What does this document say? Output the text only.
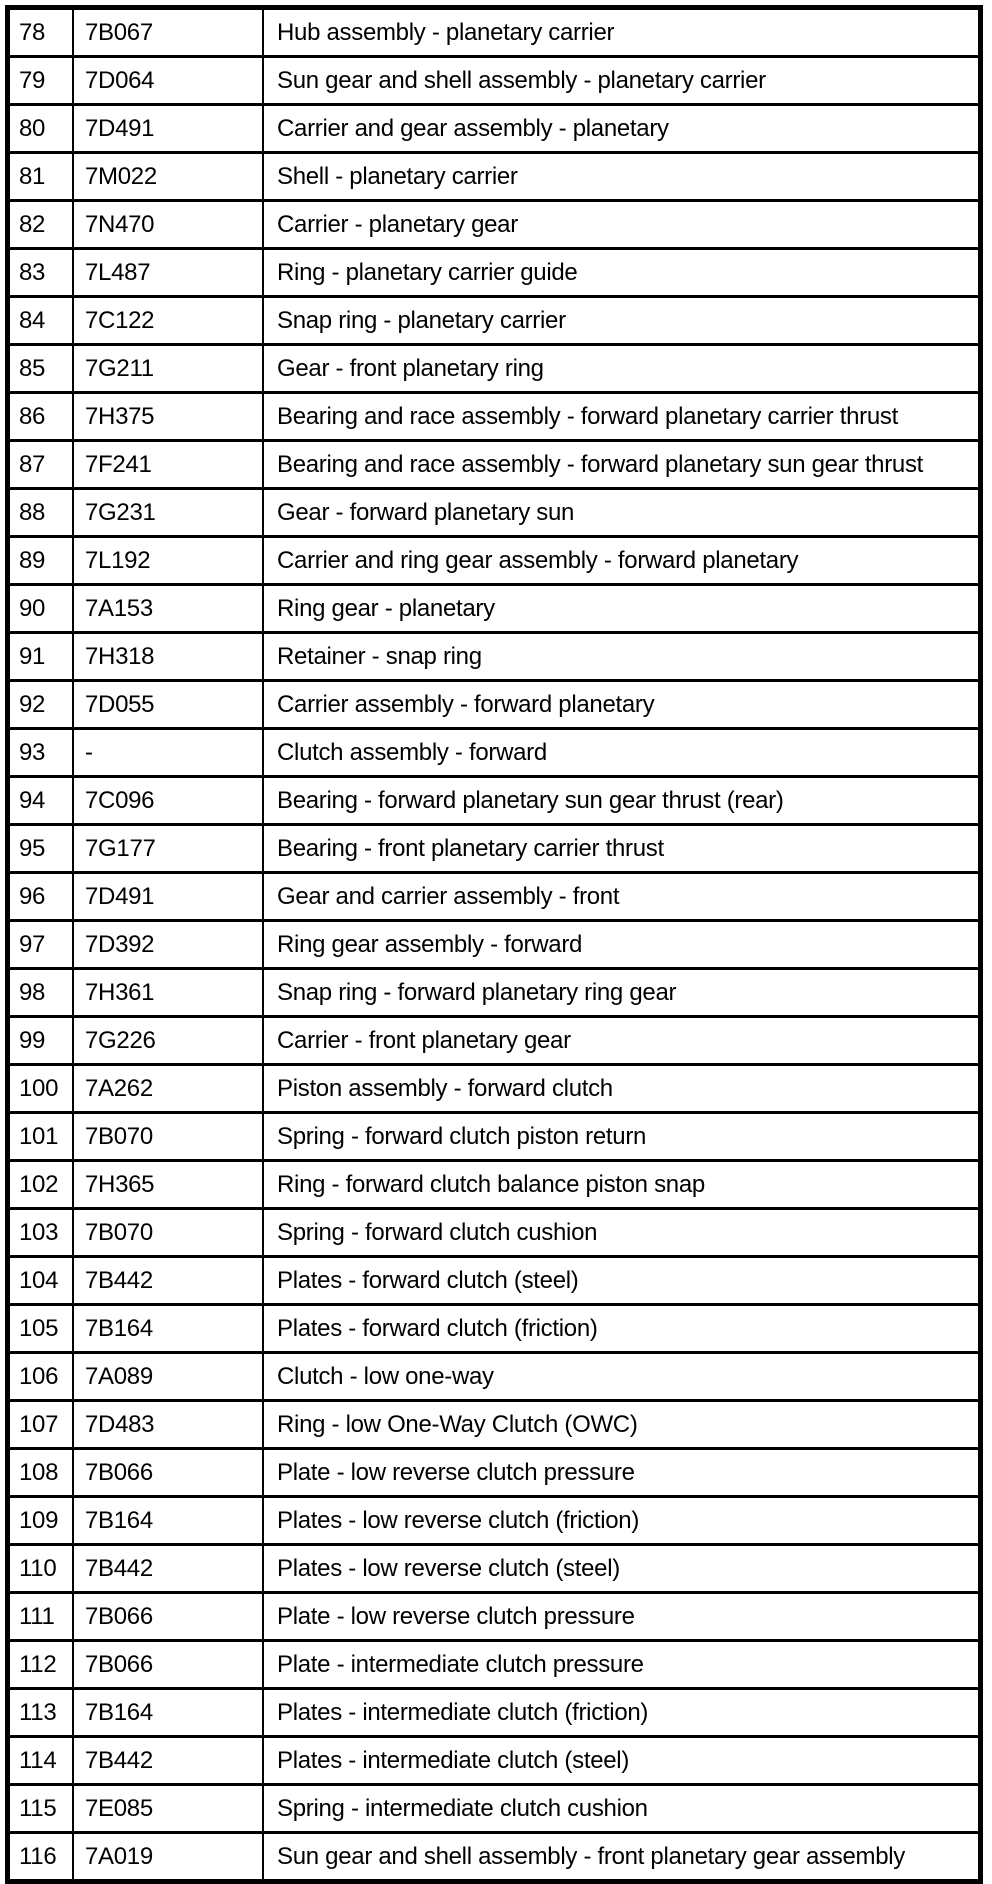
78	7B067	Hub assembly - planetary carrier
79	7D064	Sun gear and shell assembly - planetary carrier
80	7D491	Carrier and gear assembly - planetary
81	7M022	Shell - planetary carrier
82	7N470	Carrier - planetary gear
83	7L487	Ring - planetary carrier guide
84	7C122	Snap ring - planetary carrier
85	7G211	Gear - front planetary ring
86	7H375	Bearing and race assembly - forward planetary carrier thrust
87	7F241	Bearing and race assembly - forward planetary sun gear thrust
88	7G231	Gear - forward planetary sun
89	7L192	Carrier and ring gear assembly - forward planetary
90	7A153	Ring gear - planetary
91	7H318	Retainer - snap ring
92	7D055	Carrier assembly - forward planetary
93	-	Clutch assembly - forward
94	7C096	Bearing - forward planetary sun gear thrust (rear)
95	7G177	Bearing - front planetary carrier thrust
96	7D491	Gear and carrier assembly - front
97	7D392	Ring gear assembly - forward
98	7H361	Snap ring - forward planetary ring gear
99	7G226	Carrier - front planetary gear
100	7A262	Piston assembly - forward clutch
101	7B070	Spring - forward clutch piston return
102	7H365	Ring - forward clutch balance piston snap
103	7B070	Spring - forward clutch cushion
104	7B442	Plates - forward clutch (steel)
105	7B164	Plates - forward clutch (friction)
106	7A089	Clutch - low one-way
107	7D483	Ring - low One-Way Clutch (OWC)
108	7B066	Plate - low reverse clutch pressure
109	7B164	Plates - low reverse clutch (friction)
110	7B442	Plates - low reverse clutch (steel)
111	7B066	Plate - low reverse clutch pressure
112	7B066	Plate - intermediate clutch pressure
113	7B164	Plates - intermediate clutch (friction)
114	7B442	Plates - intermediate clutch (steel)
115	7E085	Spring - intermediate clutch cushion
116	7A019	Sun gear and shell assembly - front planetary gear assembly
